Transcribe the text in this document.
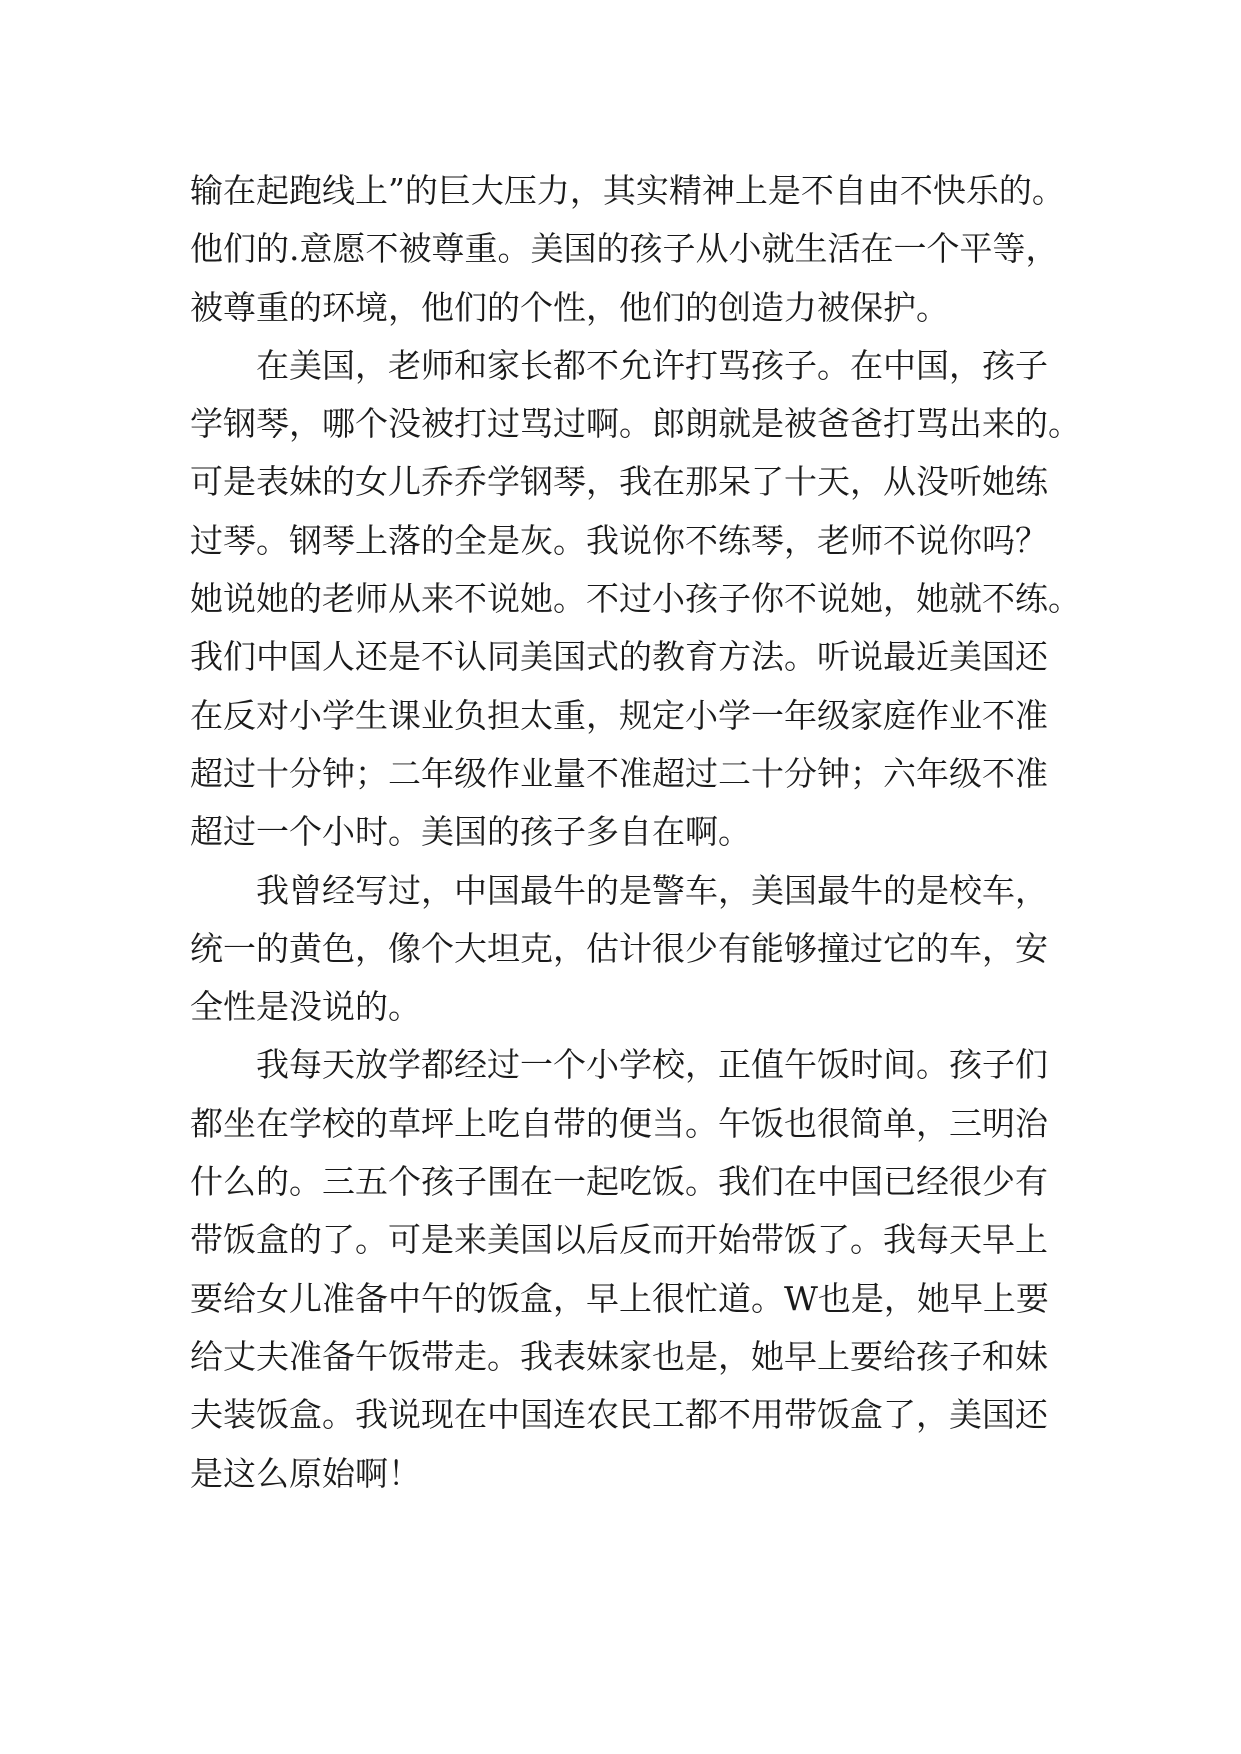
输在起跑线上”的巨大压力，其实精神上是不自由不快乐的。
他们的.意愿不被尊重。美国的孩子从小就生活在一个平等，
被尊重的环境，他们的个性，他们的创造力被保护。
在美国，老师和家长都不允许打骂孩子。在中国，孩子
学钢琴，哪个没被打过骂过啊。郎朗就是被爸爸打骂出来的。
可是表妹的女儿乔乔学钢琴，我在那呆了十天，从没听她练
过琴。钢琴上落的全是灰。我说你不练琴，老师不说你吗？
她说她的老师从来不说她。不过小孩子你不说她，她就不练。
我们中国人还是不认同美国式的教育方法。听说最近美国还
在反对小学生课业负担太重，规定小学一年级家庭作业不准
超过十分钟；二年级作业量不准超过二十分钟；六年级不准
超过一个小时。美国的孩子多自在啊。
我曾经写过，中国最牛的是警车，美国最牛的是校车，
统一的黄色，像个大坦克，估计很少有能够撞过它的车，安
全性是没说的。
我每天放学都经过一个小学校，正值午饭时间。孩子们
都坐在学校的草坪上吃自带的便当。午饭也很简单，三明治
什么的。三五个孩子围在一起吃饭。我们在中国已经很少有
带饭盒的了。可是来美国以后反而开始带饭了。我每天早上
要给女儿准备中午的饭盒，早上很忙道。W也是，她早上要
给丈夫准备午饭带走。我表妹家也是，她早上要给孩子和妹
夫装饭盒。我说现在中国连农民工都不用带饭盒了，美国还
是这么原始啊！
